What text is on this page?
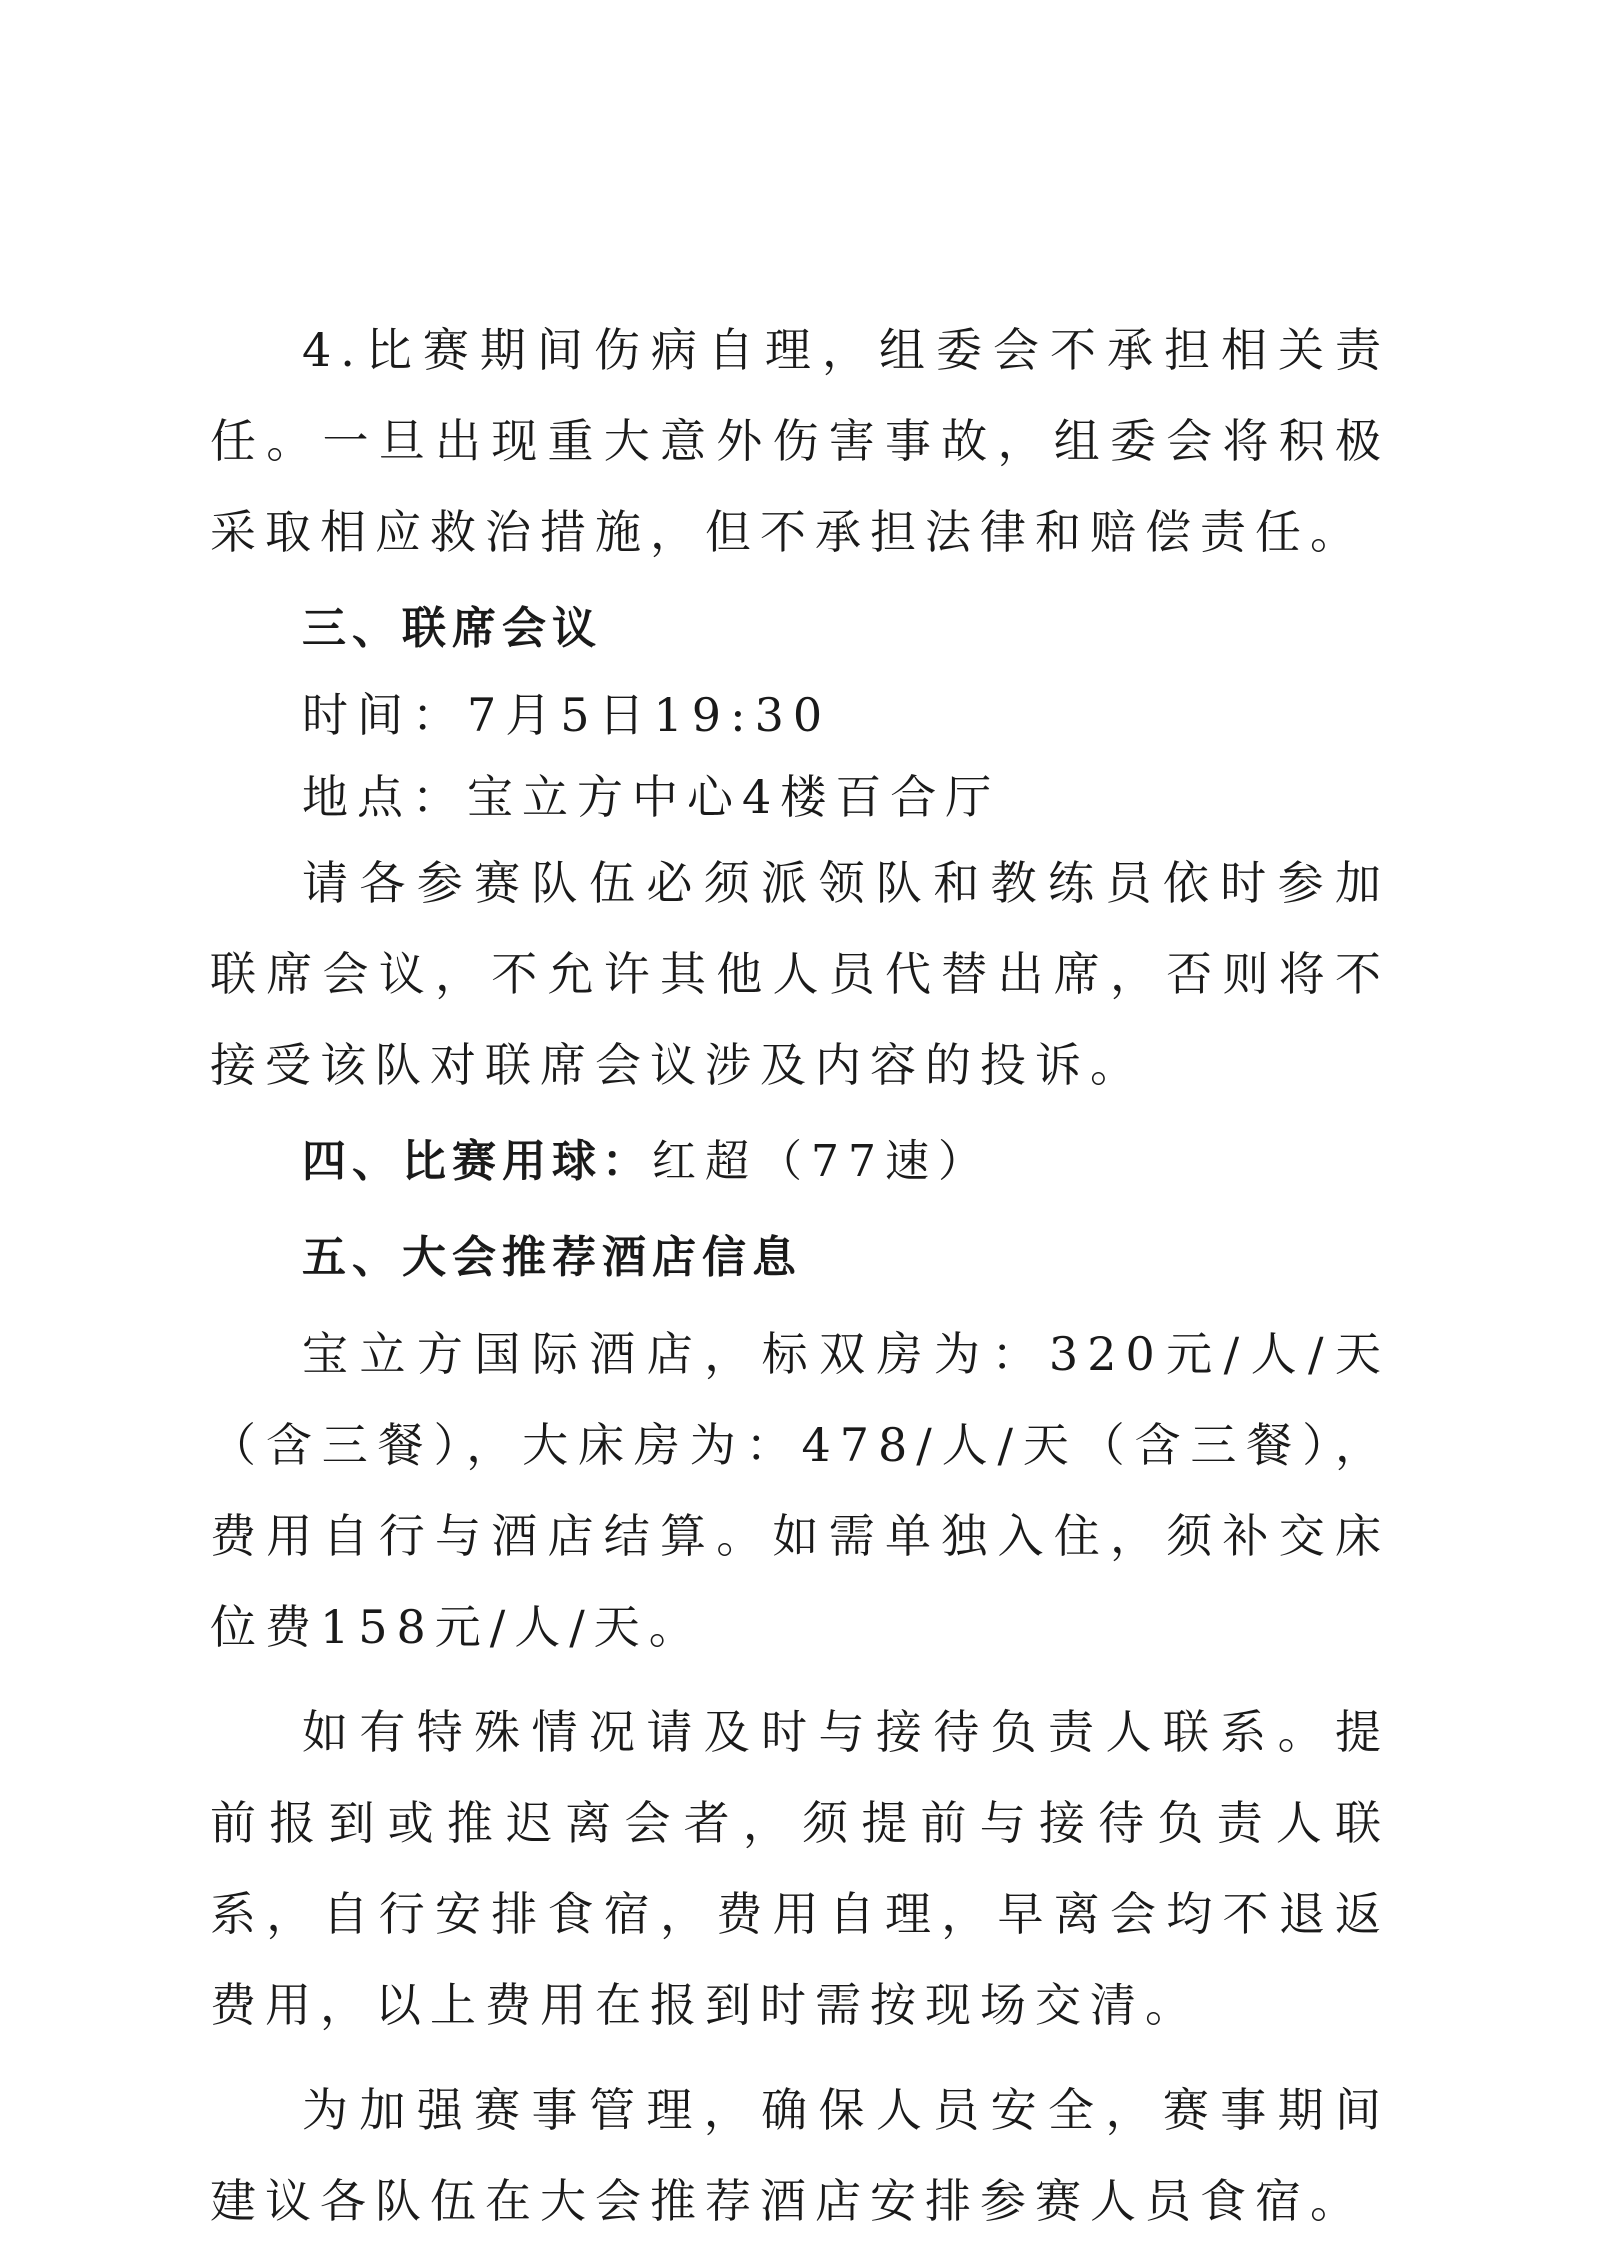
4.比赛期间伤病自理，组委会不承担相关责任。一旦出现重大意外伤害事故，组委会将积极采取相应救治措施，但不承担法律和赔偿责任。

三、联席会议

时间：7月5日19:30

地点：宝立方中心4楼百合厅

请各参赛队伍必须派领队和教练员依时参加联席会议，不允许其他人员代替出席，否则将不接受该队对联席会议涉及内容的投诉。

四、比赛用球：红超（77速）

五、大会推荐酒店信息

宝立方国际酒店，标双房为：320元/人/天（含三餐），大床房为：478/人/天（含三餐），费用自行与酒店结算。如需单独入住，须补交床位费158元/人/天。

如有特殊情况请及时与接待负责人联系。提前报到或推迟离会者，须提前与接待负责人联系，自行安排食宿，费用自理，早离会均不退返费用，以上费用在报到时需按现场交清。

为加强赛事管理，确保人员安全，赛事期间建议各队伍在大会推荐酒店安排参赛人员食宿。
